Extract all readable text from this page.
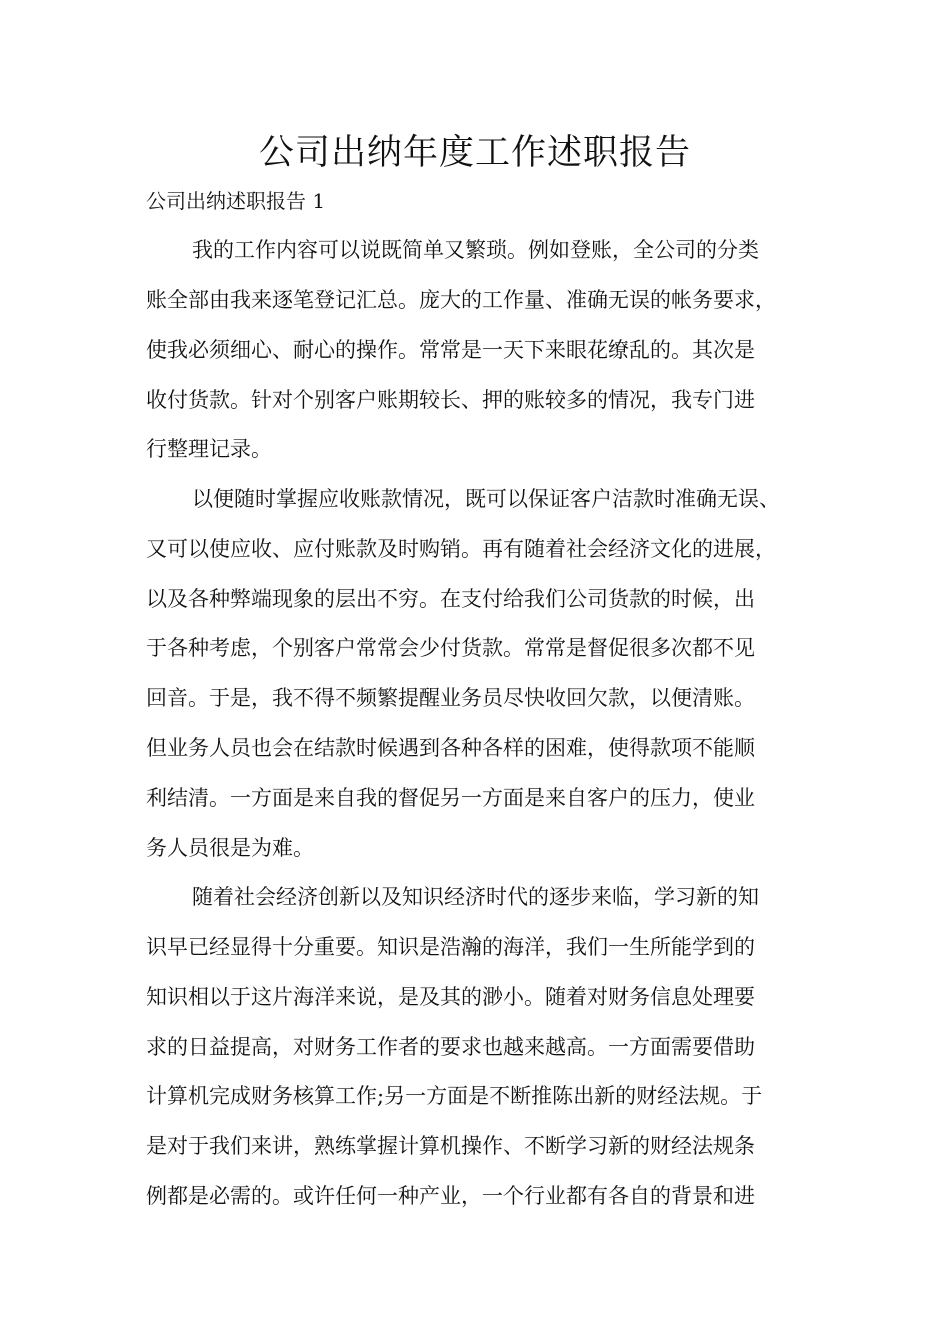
公司出纳年度工作述职报告

公司出纳述职报告 1

我的工作内容可以说既简单又繁琐。例如登账，全公司的分类

账全部由我来逐笔登记汇总。庞大的工作量、准确无误的帐务要求，

使我必须细心、耐心的操作。常常是一天下来眼花缭乱的。其次是

收付货款。针对个别客户账期较长、押的账较多的情况，我专门进

行整理记录。

以便随时掌握应收账款情况，既可以保证客户洁款时准确无误、

又可以使应收、应付账款及时购销。再有随着社会经济文化的进展，

以及各种弊端现象的层出不穷。在支付给我们公司货款的时候，出

于各种考虑，个别客户常常会少付货款。常常是督促很多次都不见

回音。于是，我不得不频繁提醒业务员尽快收回欠款，以便清账。

但业务人员也会在结款时候遇到各种各样的困难，使得款项不能顺

利结清。一方面是来自我的督促另一方面是来自客户的压力，使业

务人员很是为难。

随着社会经济创新以及知识经济时代的逐步来临，学习新的知

识早已经显得十分重要。知识是浩瀚的海洋，我们一生所能学到的

知识相以于这片海洋来说，是及其的渺小。随着对财务信息处理要

求的日益提高，对财务工作者的要求也越来越高。一方面需要借助

计算机完成财务核算工作;另一方面是不断推陈出新的财经法规。于

是对于我们来讲，熟练掌握计算机操作、不断学习新的财经法规条

例都是必需的。或许任何一种产业，一个行业都有各自的背景和进
